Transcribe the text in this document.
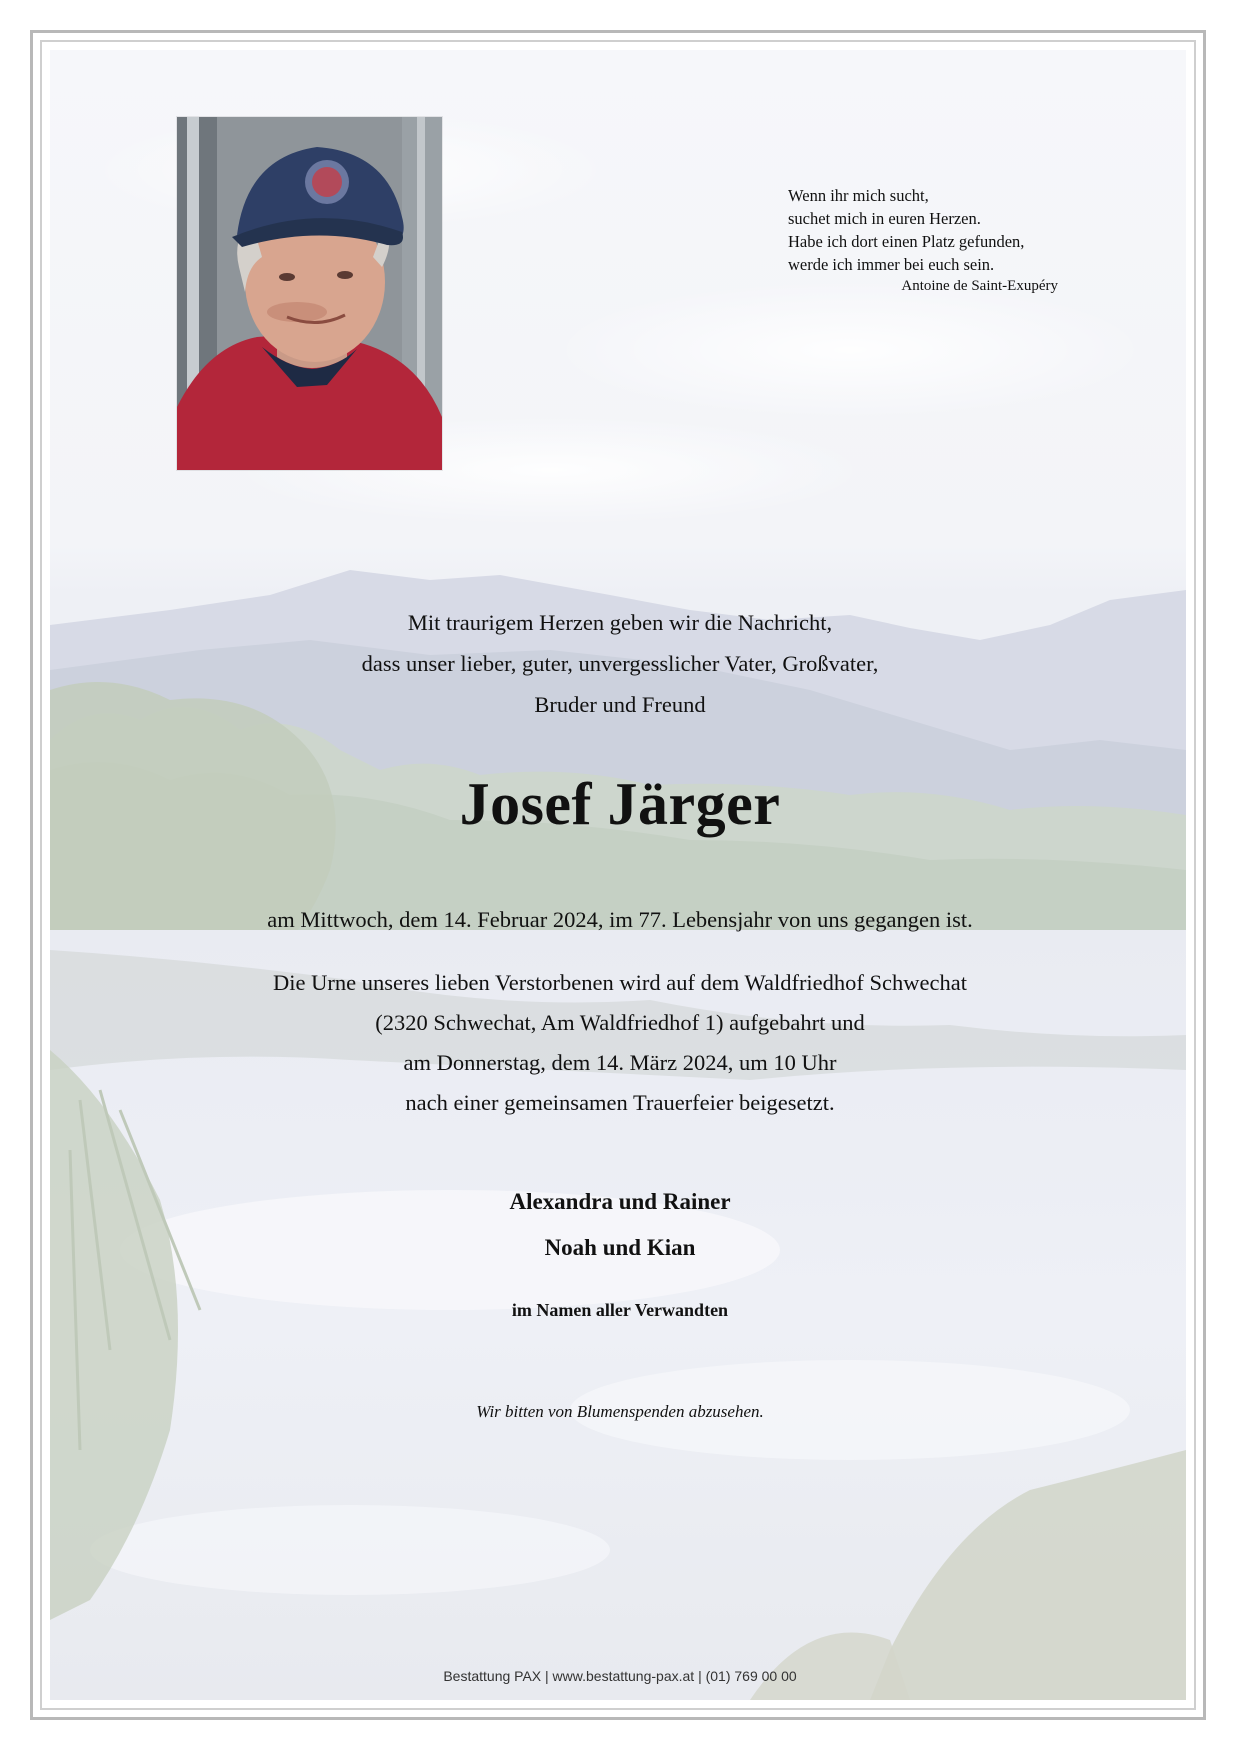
Wenn ihr mich sucht,
suchet mich in euren Herzen.
Habe ich dort einen Platz gefunden,
werde ich immer bei euch sein.
Antoine de Saint-Exupéry
Mit traurigem Herzen geben wir die Nachricht,
dass unser lieber, guter, unvergesslicher Vater, Großvater,
Bruder und Freund
Josef Järger
am Mittwoch, dem 14. Februar 2024, im 77. Lebensjahr von uns gegangen ist.
Die Urne unseres lieben Verstorbenen wird auf dem Waldfriedhof Schwechat
(2320 Schwechat, Am Waldfriedhof 1) aufgebahrt und
am Donnerstag, dem 14. März 2024, um 10 Uhr
nach einer gemeinsamen Trauerfeier beigesetzt.
Alexandra und Rainer
Noah und Kian
im Namen aller Verwandten
Wir bitten von Blumenspenden abzusehen.
Bestattung PAX | www.bestattung-pax.at | (01) 769 00 00
